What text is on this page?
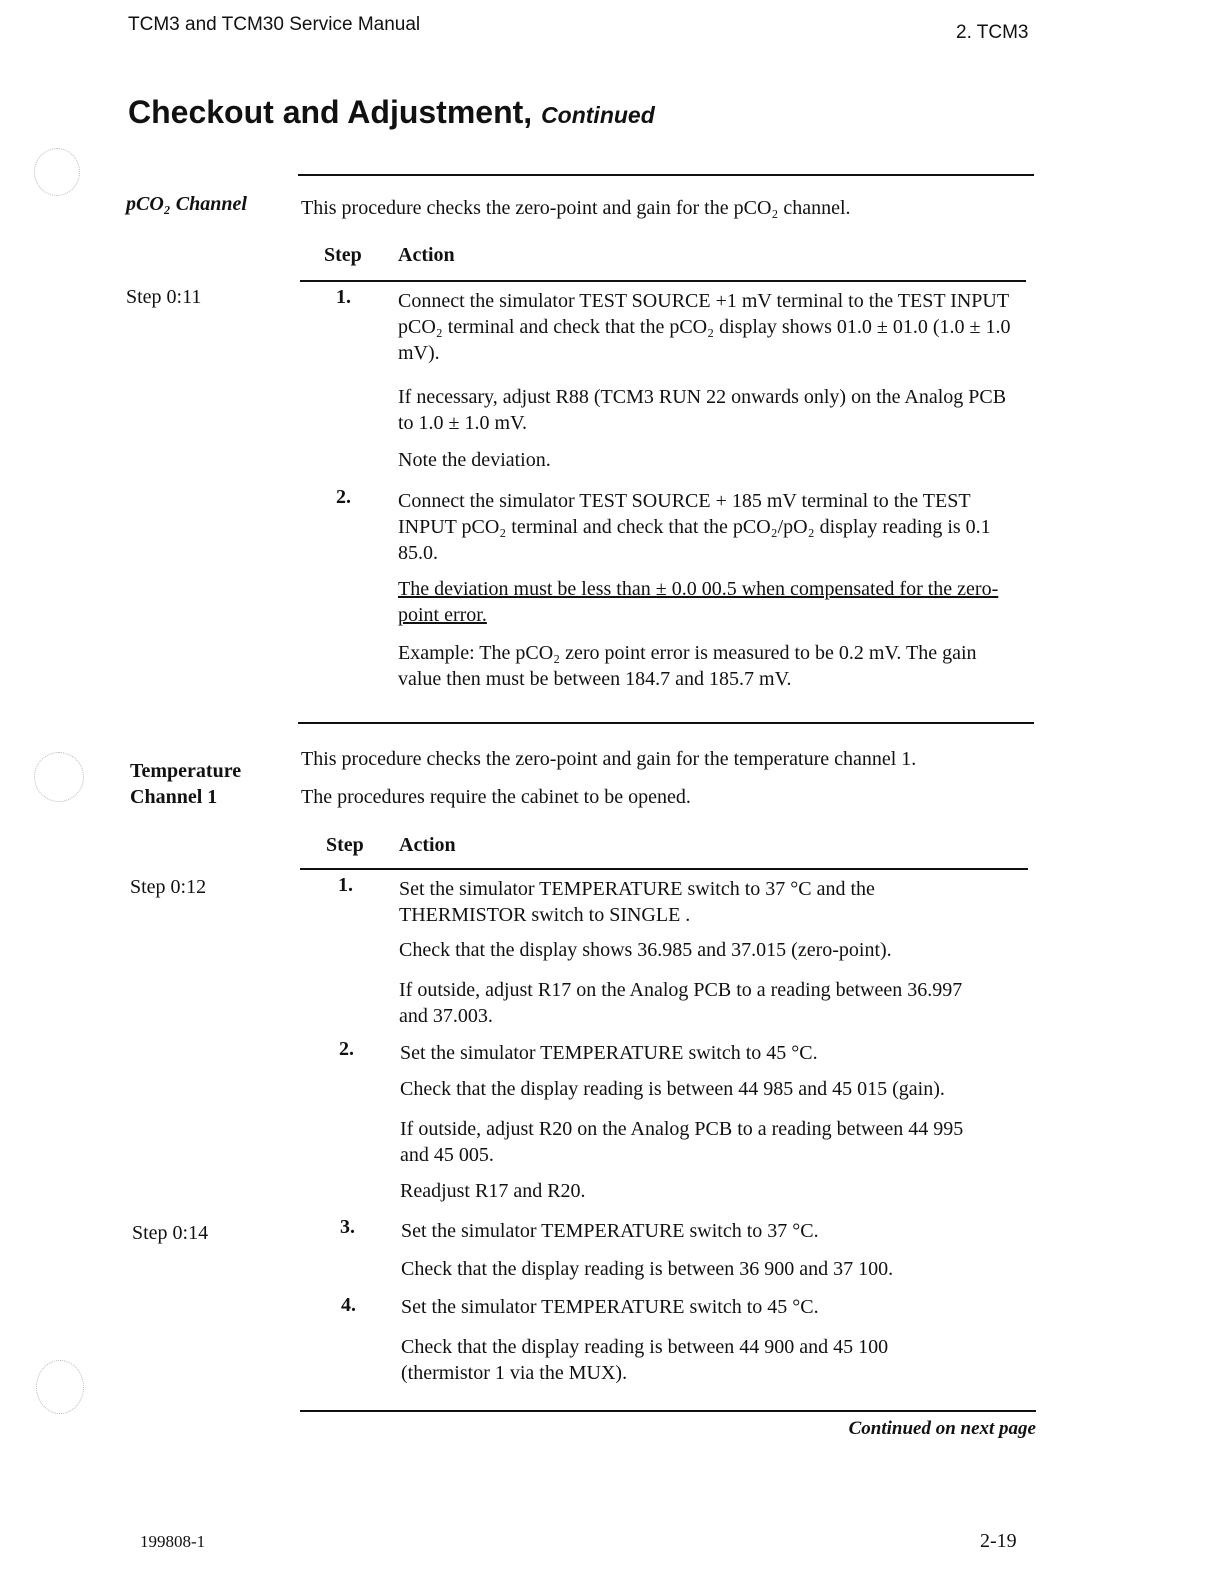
TCM3 and TCM30 Service Manual	2. TCM3
Checkout and Adjustment, Continued
pCO₂ Channel	This procedure checks the zero-point and gain for the pCO₂ channel.
Step Action
Step 0:11	1. Connect the simulator TEST SOURCE +1 mV terminal to the TEST INPUT pCO₂ terminal and check that the pCO₂ display shows 01.0 ± 01.0 (1.0 ± 1.0 mV).
If necessary, adjust R88 (TCM3 RUN 22 onwards only) on the Analog PCB to 1.0 ± 1.0 mV.
Note the deviation.
2. Connect the simulator TEST SOURCE + 185 mV terminal to the TEST INPUT pCO₂ terminal and check that the pCO₂/pO₂ display reading is 0.1 85.0.
The deviation must be less than ± 0.0 00.5 when compensated for the zero-point error.
Example: The pCO₂ zero point error is measured to be 0.2 mV. The gain value then must be between 184.7 and 185.7 mV.
Temperature
Channel 1
This procedure checks the zero-point and gain for the temperature channel 1.
The procedures require the cabinet to be opened.
Step Action
Step 0:12	1. Set the simulator TEMPERATURE switch to 37 °C and the THERMISTOR switch to SINGLE .
Check that the display shows 36.985 and 37.015 (zero-point).
If outside, adjust R17 on the Analog PCB to a reading between 36.997 and 37.003.
2. Set the simulator TEMPERATURE switch to 45 °C.
Check that the display reading is between 44 985 and 45 015 (gain).
If outside, adjust R20 on the Analog PCB to a reading between 44 995 and 45 005.
Readjust R17 and R20.
Step 0:14	3. Set the simulator TEMPERATURE switch to 37 °C.
Check that the display reading is between 36 900 and 37 100.
4. Set the simulator TEMPERATURE switch to 45 °C.
Check that the display reading is between 44 900 and 45 100 (thermistor 1 via the MUX).
Continued on next page
199808-1	2-19
